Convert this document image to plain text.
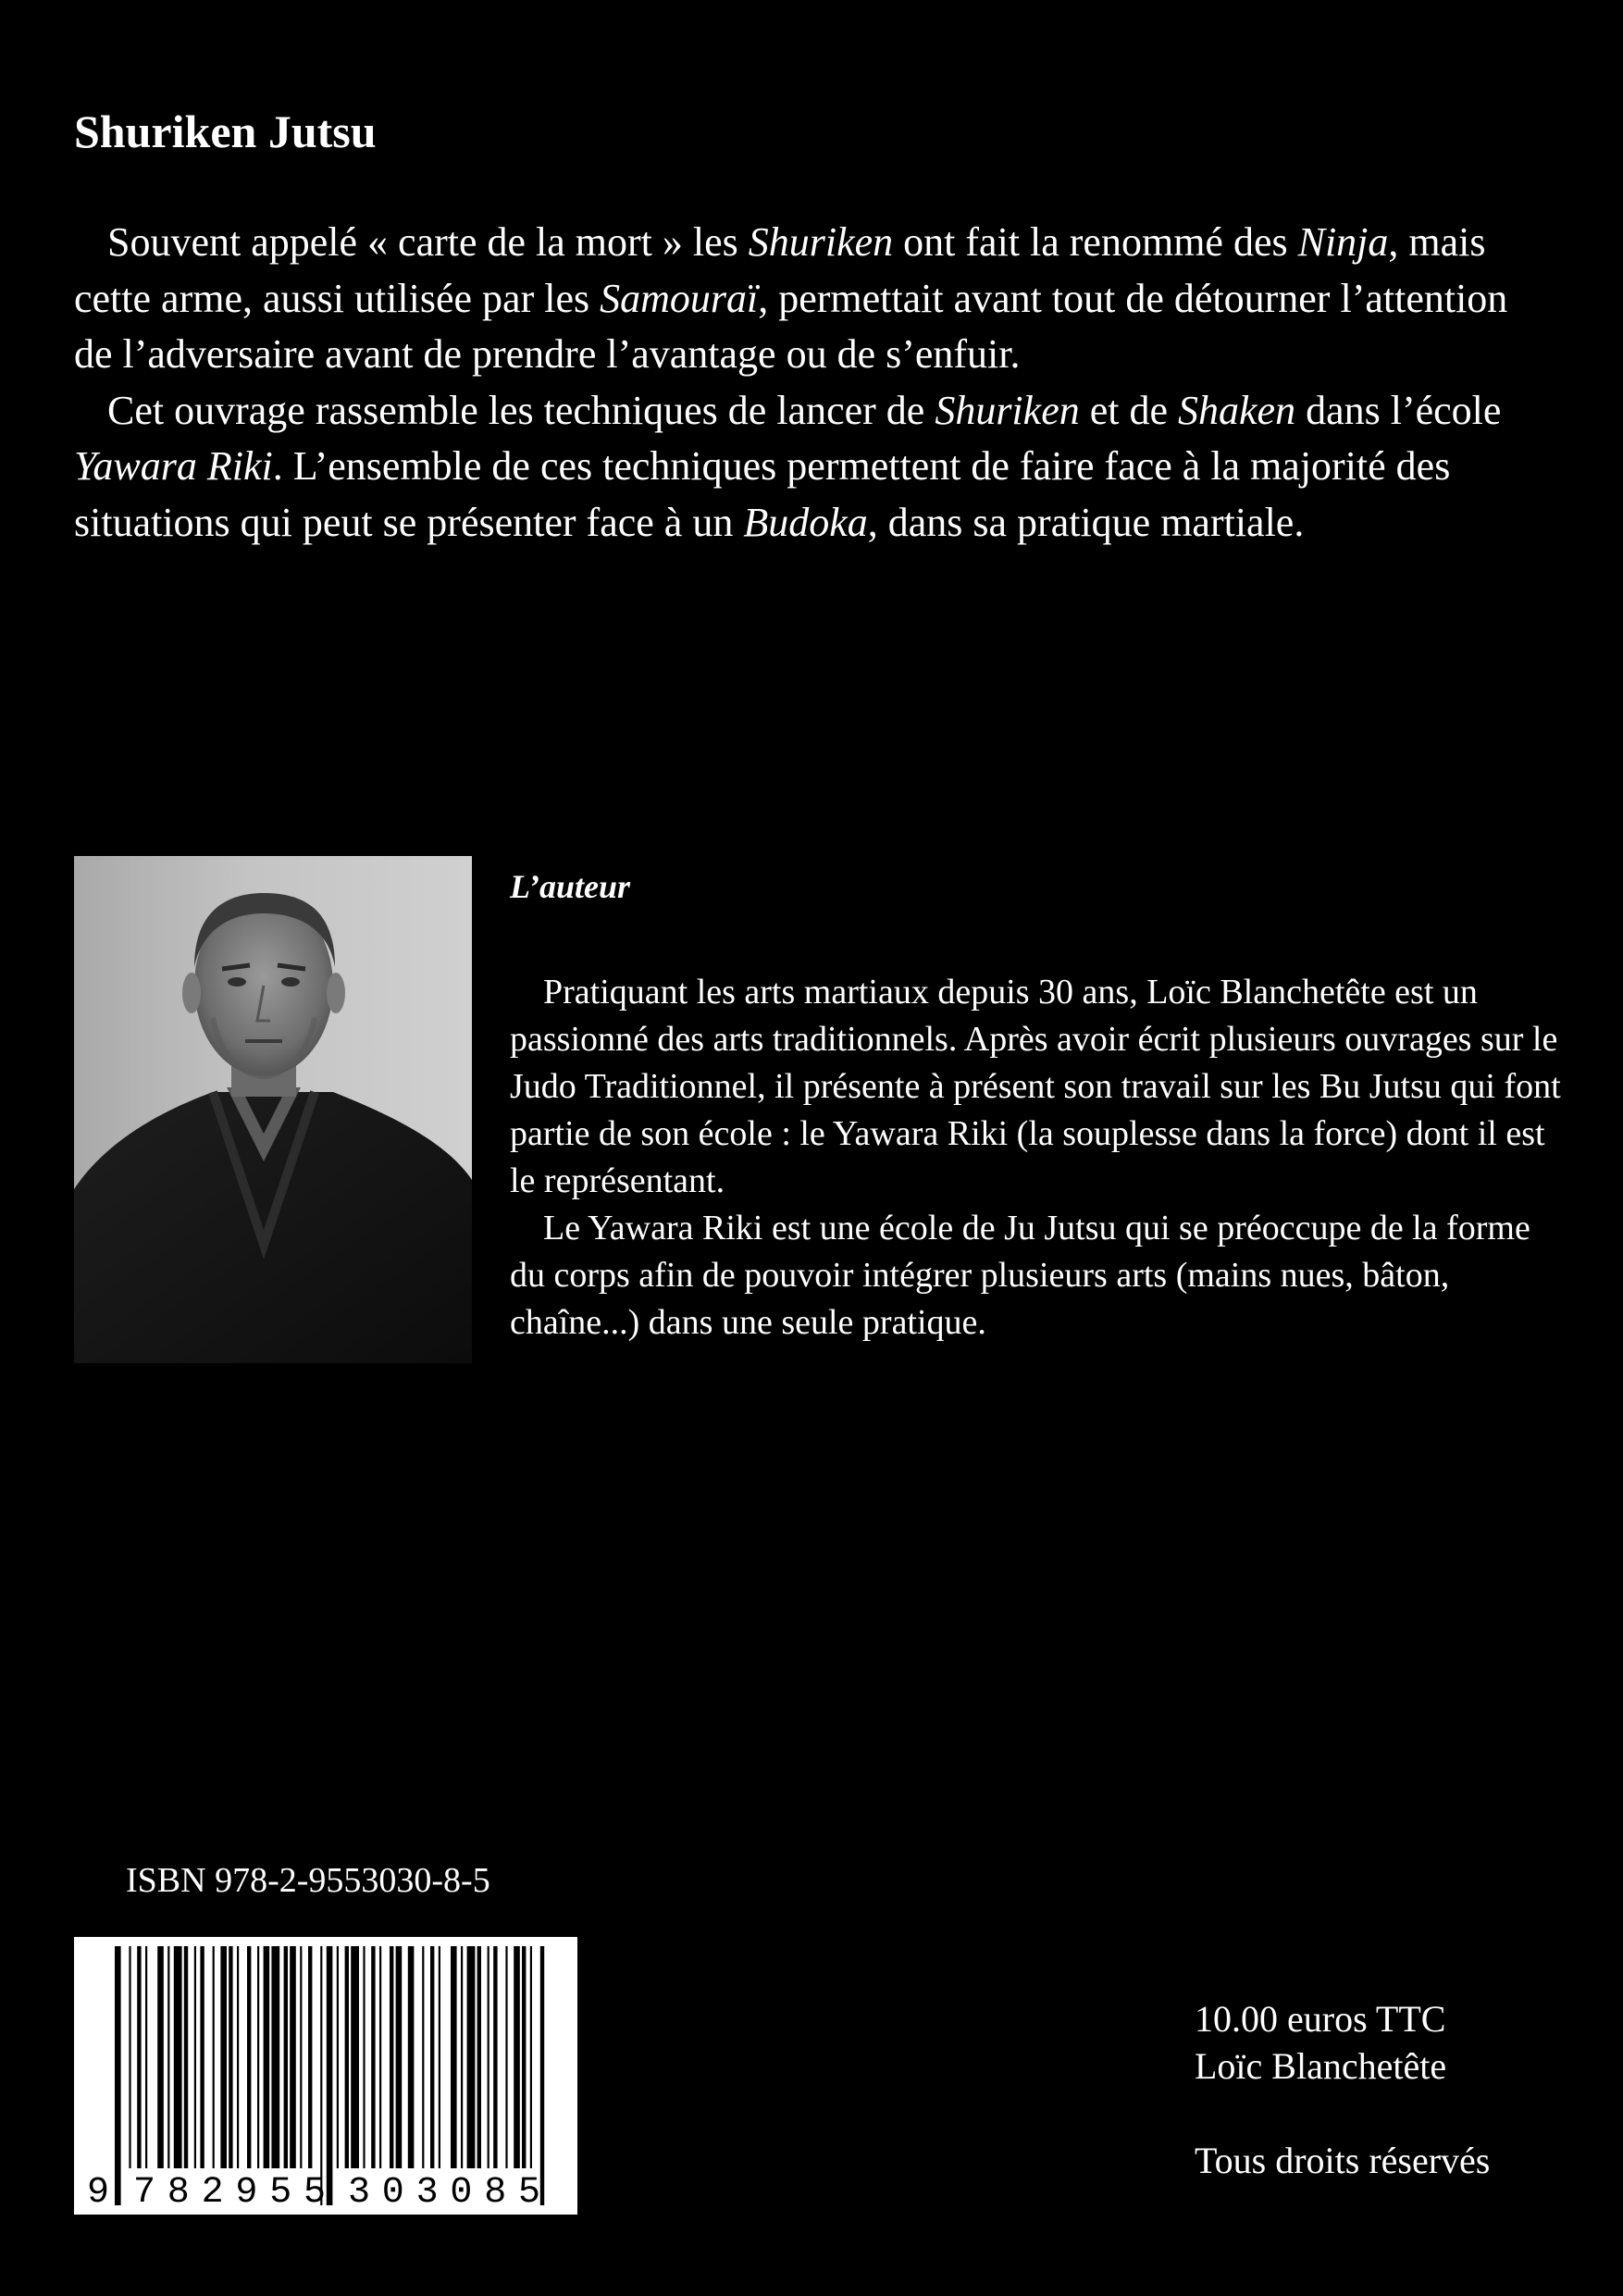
Shuriken Jutsu

Souvent appelé « carte de la mort » les Shuriken ont fait la renommé des Ninja, mais cette arme, aussi utilisée par les Samouraï, permettait avant tout de détourner l’attention de l’adversaire avant de prendre l’avantage ou de s’enfuir.

Cet ouvrage rassemble les techniques de lancer de Shuriken et de Shaken dans l’école Yawara Riki. L’ensemble de ces techniques permettent de faire face à la majorité des situations qui peut se présenter face à un Budoka, dans sa pratique martiale.

L’auteur

Pratiquant les arts martiaux depuis 30 ans, Loïc Blanchetête est un passionné des arts traditionnels. Après avoir écrit plusieurs ouvrages sur le Judo Traditionnel, il présente à présent son travail sur les Bu Jutsu qui font partie de son école : le Yawara Riki (la souplesse dans la force) dont il est le représentant.

Le Yawara Riki est une école de Ju Jutsu qui se préoccupe de la forme du corps afin de pouvoir intégrer plusieurs arts (mains nues, bâton, chaîne...) dans une seule pratique.

ISBN 978-2-9553030-8-5
9 782955 303085
10.00 euros TTC
Loïc Blanchetête
Tous droits réservés
